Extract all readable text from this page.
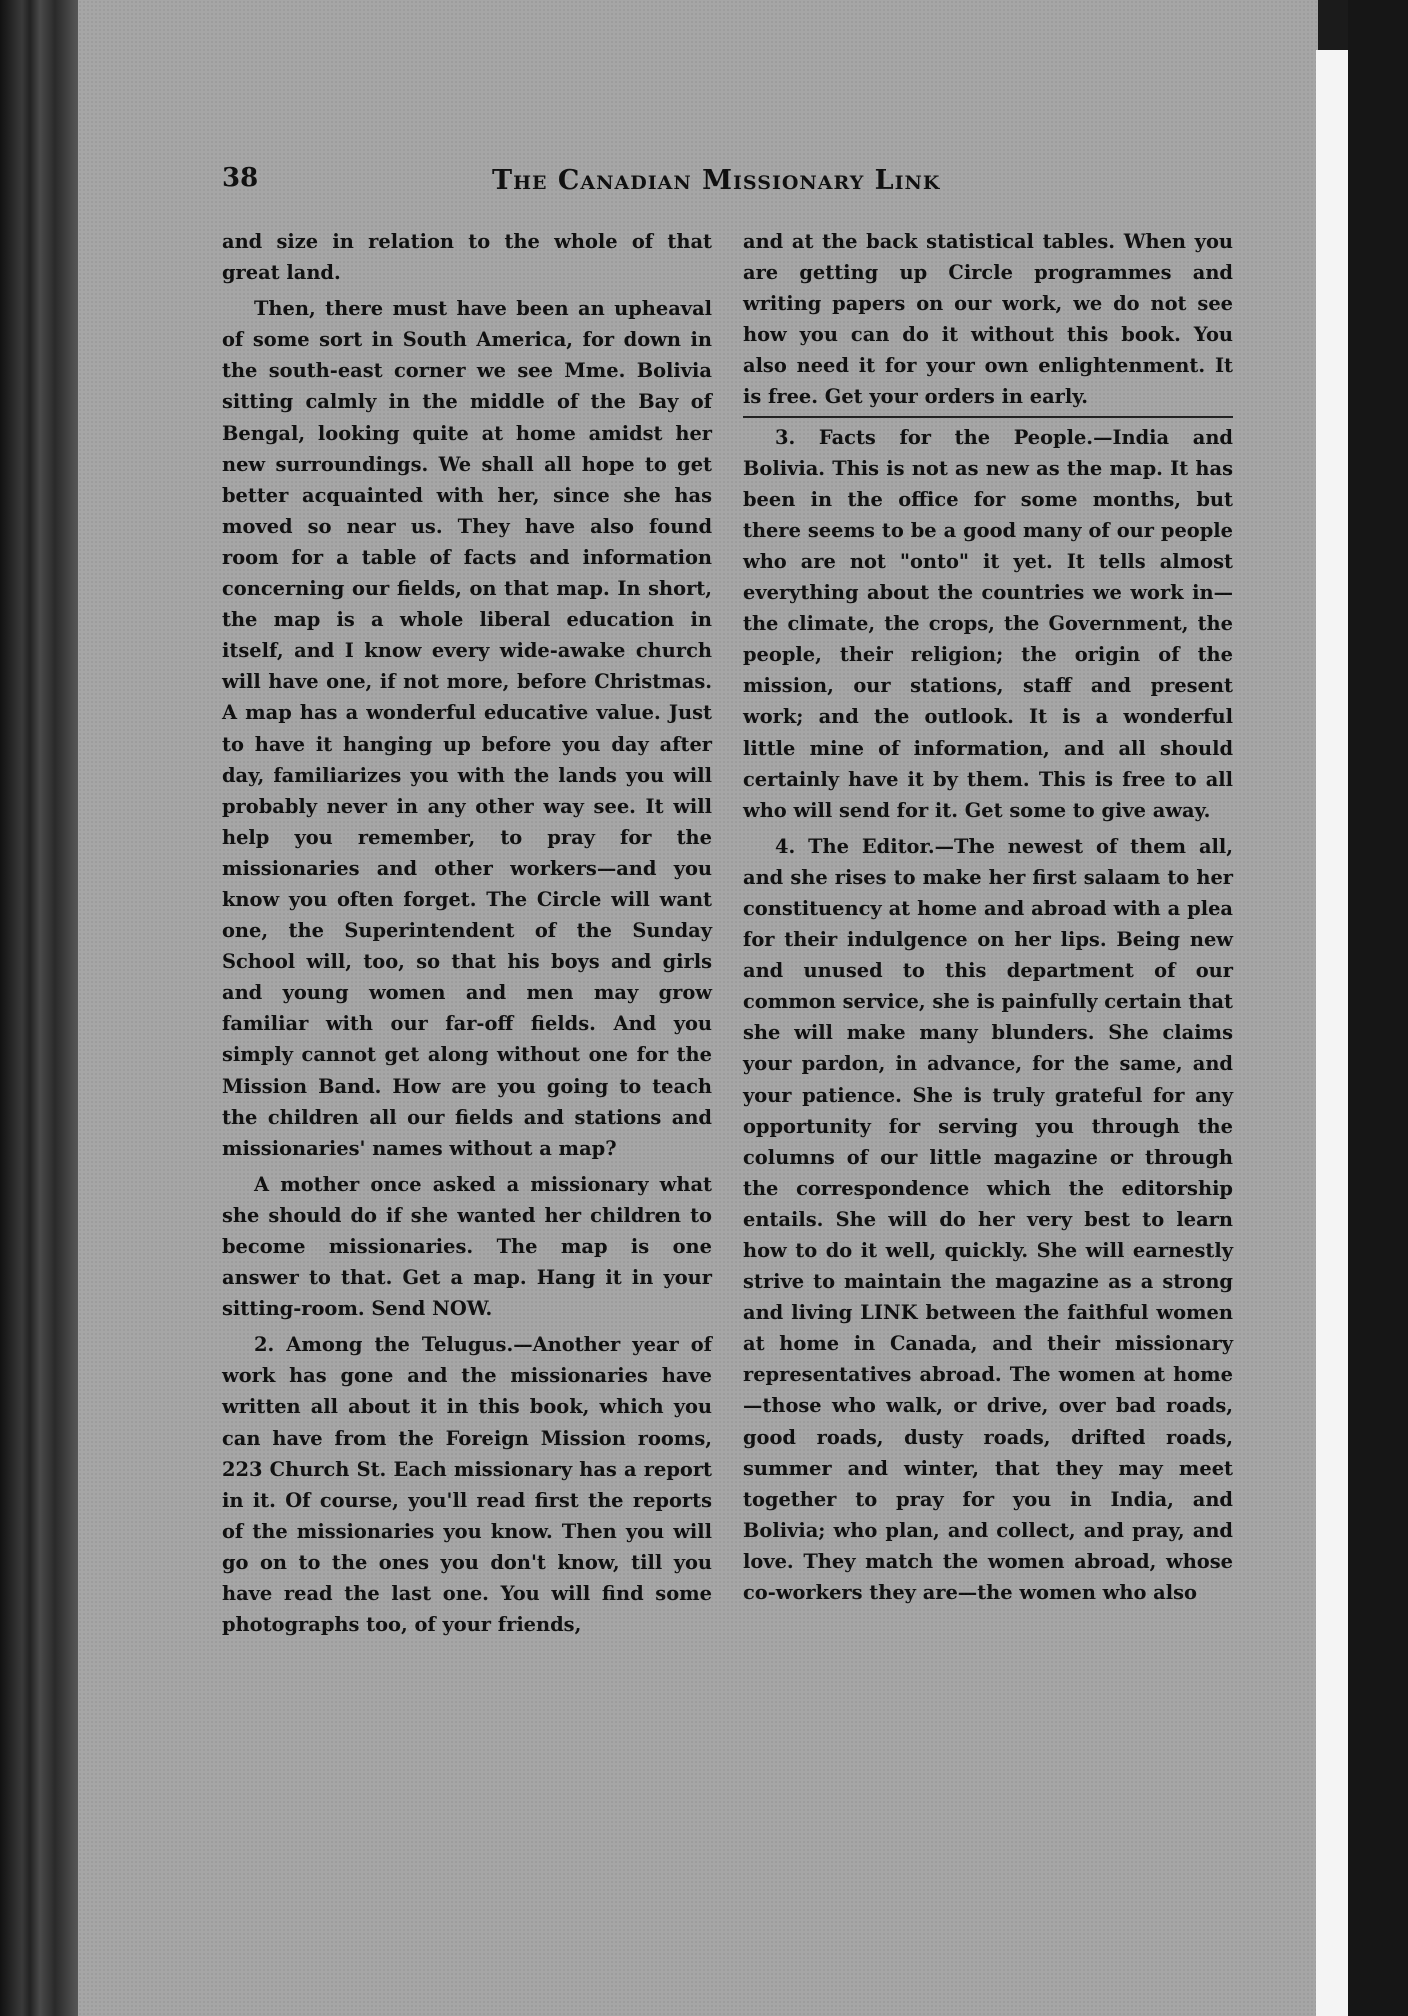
38	The Canadian Missionary Link

and size in relation to the whole of that great land.

Then, there must have been an upheaval of some sort in South America, for down in the south-east corner we see Mme. Bolivia sitting calmly in the middle of the Bay of Bengal, looking quite at home amidst her new surroundings. We shall all hope to get better acquainted with her, since she has moved so near us. They have also found room for a table of facts and information concerning our fields, on that map. In short, the map is a whole liberal education in itself, and I know every wide-awake church will have one, if not more, before Christmas. A map has a wonderful educative value. Just to have it hanging up before you day after day, familiarizes you with the lands you will probably never in any other way see. It will help you remember, to pray for the missionaries and other workers—and you know you often forget. The Circle will want one, the Superintendent of the Sunday School will, too, so that his boys and girls and young women and men may grow familiar with our far-off fields. And you simply cannot get along without one for the Mission Band. How are you going to teach the children all our fields and stations and missionaries' names without a map?

A mother once asked a missionary what she should do if she wanted her children to become missionaries. The map is one answer to that. Get a map. Hang it in your sitting-room. Send NOW.

2. Among the Telugus.—Another year of work has gone and the missionaries have written all about it in this book, which you can have from the Foreign Mission rooms, 223 Church St. Each missionary has a report in it. Of course, you'll read first the reports of the missionaries you know. Then you will go on to the ones you don't know, till you have read the last one. You will find some photographs too, of your friends,

and at the back statistical tables. When you are getting up Circle programmes and writing papers on our work, we do not see how you can do it without this book. You also need it for your own enlightenment. It is free. Get your orders in early.

3. Facts for the People.—India and Bolivia. This is not as new as the map. It has been in the office for some months, but there seems to be a good many of our people who are not "onto" it yet. It tells almost everything about the countries we work in—the climate, the crops, the Government, the people, their religion; the origin of the mission, our stations, staff and present work; and the outlook. It is a wonderful little mine of information, and all should certainly have it by them. This is free to all who will send for it. Get some to give away.

4. The Editor.—The newest of them all, and she rises to make her first salaam to her constituency at home and abroad with a plea for their indulgence on her lips. Being new and unused to this department of our common service, she is painfully certain that she will make many blunders. She claims your pardon, in advance, for the same, and your patience. She is truly grateful for any opportunity for serving you through the columns of our little magazine or through the correspondence which the editorship entails. She will do her very best to learn how to do it well, quickly. She will earnestly strive to maintain the magazine as a strong and living LINK between the faithful women at home in Canada, and their missionary representatives abroad. The women at home—those who walk, or drive, over bad roads, good roads, dusty roads, drifted roads, summer and winter, that they may meet together to pray for you in India, and Bolivia; who plan, and collect, and pray, and love. They match the women abroad, whose co-workers they are—the women who also
